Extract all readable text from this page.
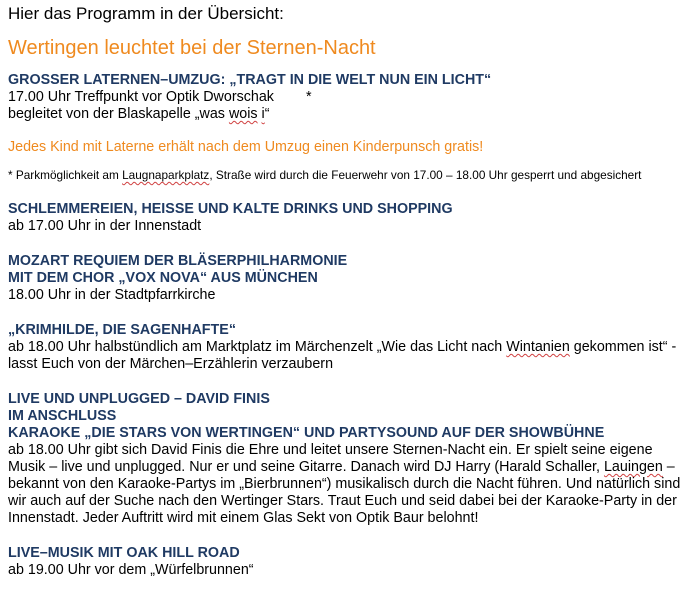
Hier das Programm in der Übersicht:
Wertingen leuchtet bei der Sternen-Nacht
GROSSER LATERNEN–UMZUG: „TRAGT IN DIE WELT NUN EIN LICHT“
17.00 Uhr Treffpunkt vor Optik Dworschak *
begleitet von der Blaskapelle „was wois i“
Jedes Kind mit Laterne erhält nach dem Umzug einen Kinderpunsch gratis!
* Parkmöglichkeit am Laugnaparkplatz, Straße wird durch die Feuerwehr von 17.00 – 18.00 Uhr gesperrt und abgesichert
SCHLEMMEREIEN, HEISSE UND KALTE DRINKS UND SHOPPING
ab 17.00 Uhr in der Innenstadt
MOZART REQUIEM DER BLÄSERPHILHARMONIE
MIT DEM CHOR „VOX NOVA“ AUS MÜNCHEN
18.00 Uhr in der Stadtpfarrkirche
„KRIMHILDE, DIE SAGENHAFTE“
ab 18.00 Uhr halbstündlich am Marktplatz im Märchenzelt „Wie das Licht nach Wintanien gekommen ist“ - lasst Euch von der Märchen–Erzählerin verzaubern
LIVE UND UNPLUGGED – DAVID FINIS
IM ANSCHLUSS
KARAOKE „DIE STARS VON WERTINGEN“ UND PARTYSOUND AUF DER SHOWBÜHNE
ab 18.00 Uhr gibt sich David Finis die Ehre und leitet unsere Sternen-Nacht ein. Er spielt seine eigene Musik – live und unplugged. Nur er und seine Gitarre. Danach wird DJ Harry (Harald Schaller, Lauingen – bekannt von den Karaoke-Partys im „Bierbrunnen“) musikalisch durch die Nacht führen. Und natürlich sind wir auch auf der Suche nach den Wertinger Stars. Traut Euch und seid dabei bei der Karaoke-Party in der Innenstadt. Jeder Auftritt wird mit einem Glas Sekt von Optik Baur belohnt!
LIVE–MUSIK MIT OAK HILL ROAD
ab 19.00 Uhr vor dem „Würfelbrunnen“
